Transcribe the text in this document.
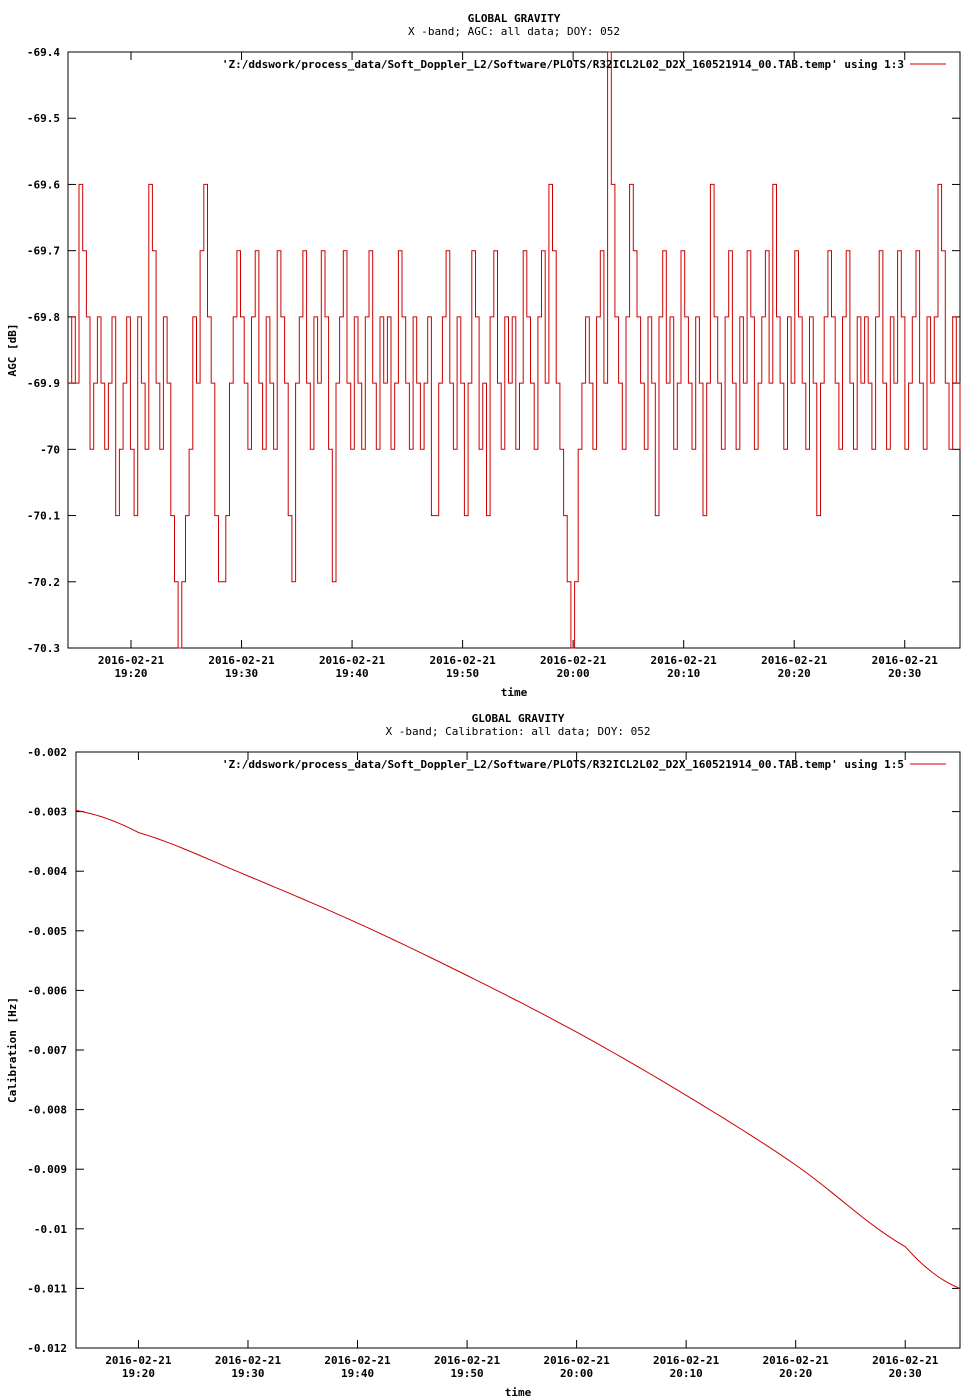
GLOBAL GRAVITY
X -band; AGC: all data; DOY: 052
-69.4
-69.5
-69.6
-69.7
-69.8
-69.9
-70
-70.1
-70.2
-70.3
2016-02-21
19:20
2016-02-21
19:30
2016-02-21
19:40
2016-02-21
19:50
2016-02-21
20:00
2016-02-21
20:10
2016-02-21
20:20
2016-02-21
20:30
time
AGC [dB]
'Z:/ddswork/process_data/Soft_Doppler_L2/Software/PLOTS/R32ICL2L02_D2X_160521914_00.TAB.temp' using 1:3
GLOBAL GRAVITY
X -band; Calibration: all data; DOY: 052
-0.002
-0.003
-0.004
-0.005
-0.006
-0.007
-0.008
-0.009
-0.01
-0.011
-0.012
2016-02-21
19:20
2016-02-21
19:30
2016-02-21
19:40
2016-02-21
19:50
2016-02-21
20:00
2016-02-21
20:10
2016-02-21
20:20
2016-02-21
20:30
time
Calibration [Hz]
'Z:/ddswork/process_data/Soft_Doppler_L2/Software/PLOTS/R32ICL2L02_D2X_160521914_00.TAB.temp' using 1:5
